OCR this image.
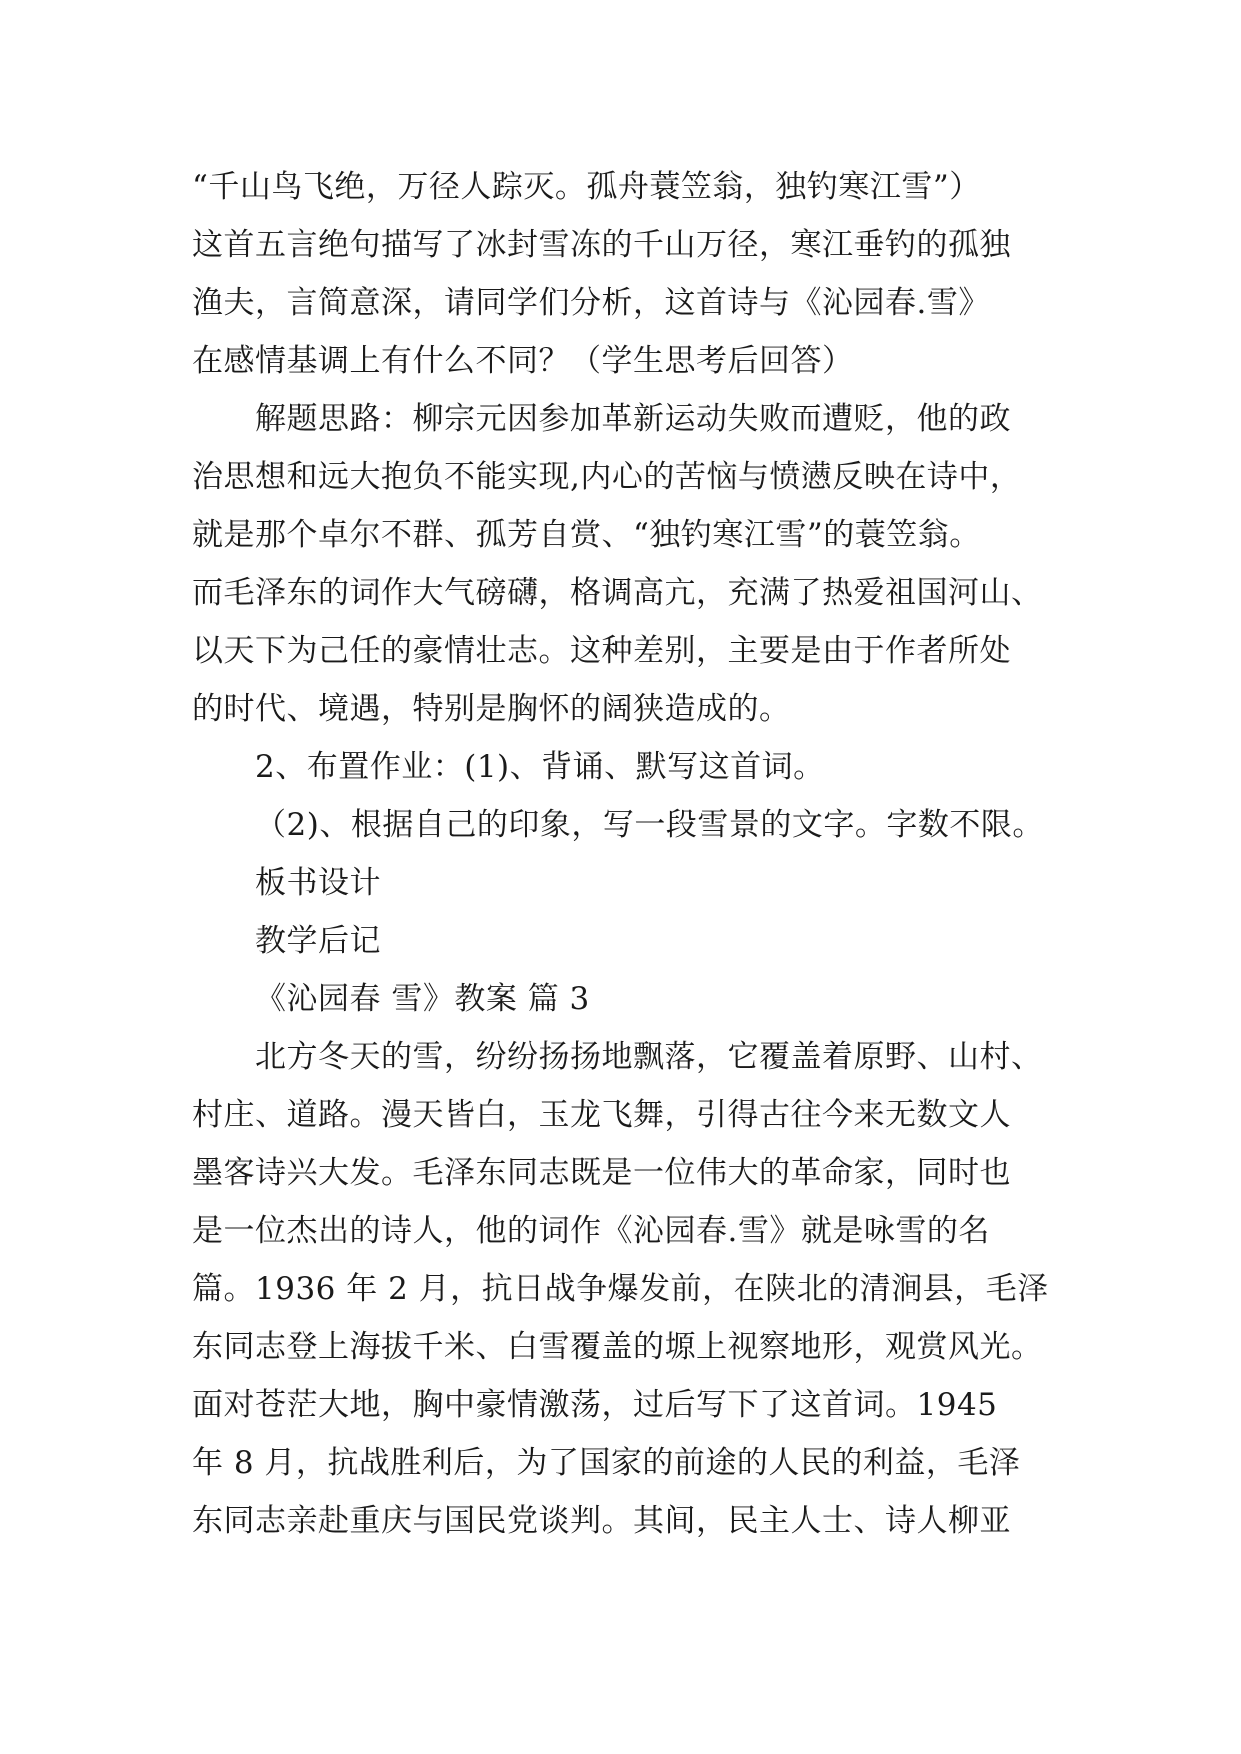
“千山鸟飞绝，万径人踪灭。孤舟蓑笠翁，独钓寒江雪”）
这首五言绝句描写了冰封雪冻的千山万径，寒江垂钓的孤独
渔夫，言简意深，请同学们分析，这首诗与《沁园春.雪》
在感情基调上有什么不同？（学生思考后回答）
解题思路：柳宗元因参加革新运动失败而遭贬，他的政
治思想和远大抱负不能实现,内心的苦恼与愤懑反映在诗中，
就是那个卓尔不群、孤芳自赏、“独钓寒江雪”的蓑笠翁。
而毛泽东的词作大气磅礴，格调高亢，充满了热爱祖国河山、
以天下为己任的豪情壮志。这种差别，主要是由于作者所处
的时代、境遇，特别是胸怀的阔狭造成的。
2、布置作业：(1)、背诵、默写这首词。
（2)、根据自己的印象，写一段雪景的文字。字数不限。
板书设计
教学后记
《沁园春 雪》教案 篇 3
北方冬天的雪，纷纷扬扬地飘落，它覆盖着原野、山村、
村庄、道路。漫天皆白，玉龙飞舞，引得古往今来无数文人
墨客诗兴大发。毛泽东同志既是一位伟大的革命家，同时也
是一位杰出的诗人，他的词作《沁园春.雪》就是咏雪的名
篇。1936 年 2 月，抗日战争爆发前，在陕北的清涧县，毛泽
东同志登上海拔千米、白雪覆盖的塬上视察地形，观赏风光。
面对苍茫大地，胸中豪情激荡，过后写下了这首词。1945
年 8 月，抗战胜利后，为了国家的前途的人民的利益，毛泽
东同志亲赴重庆与国民党谈判。其间，民主人士、诗人柳亚
